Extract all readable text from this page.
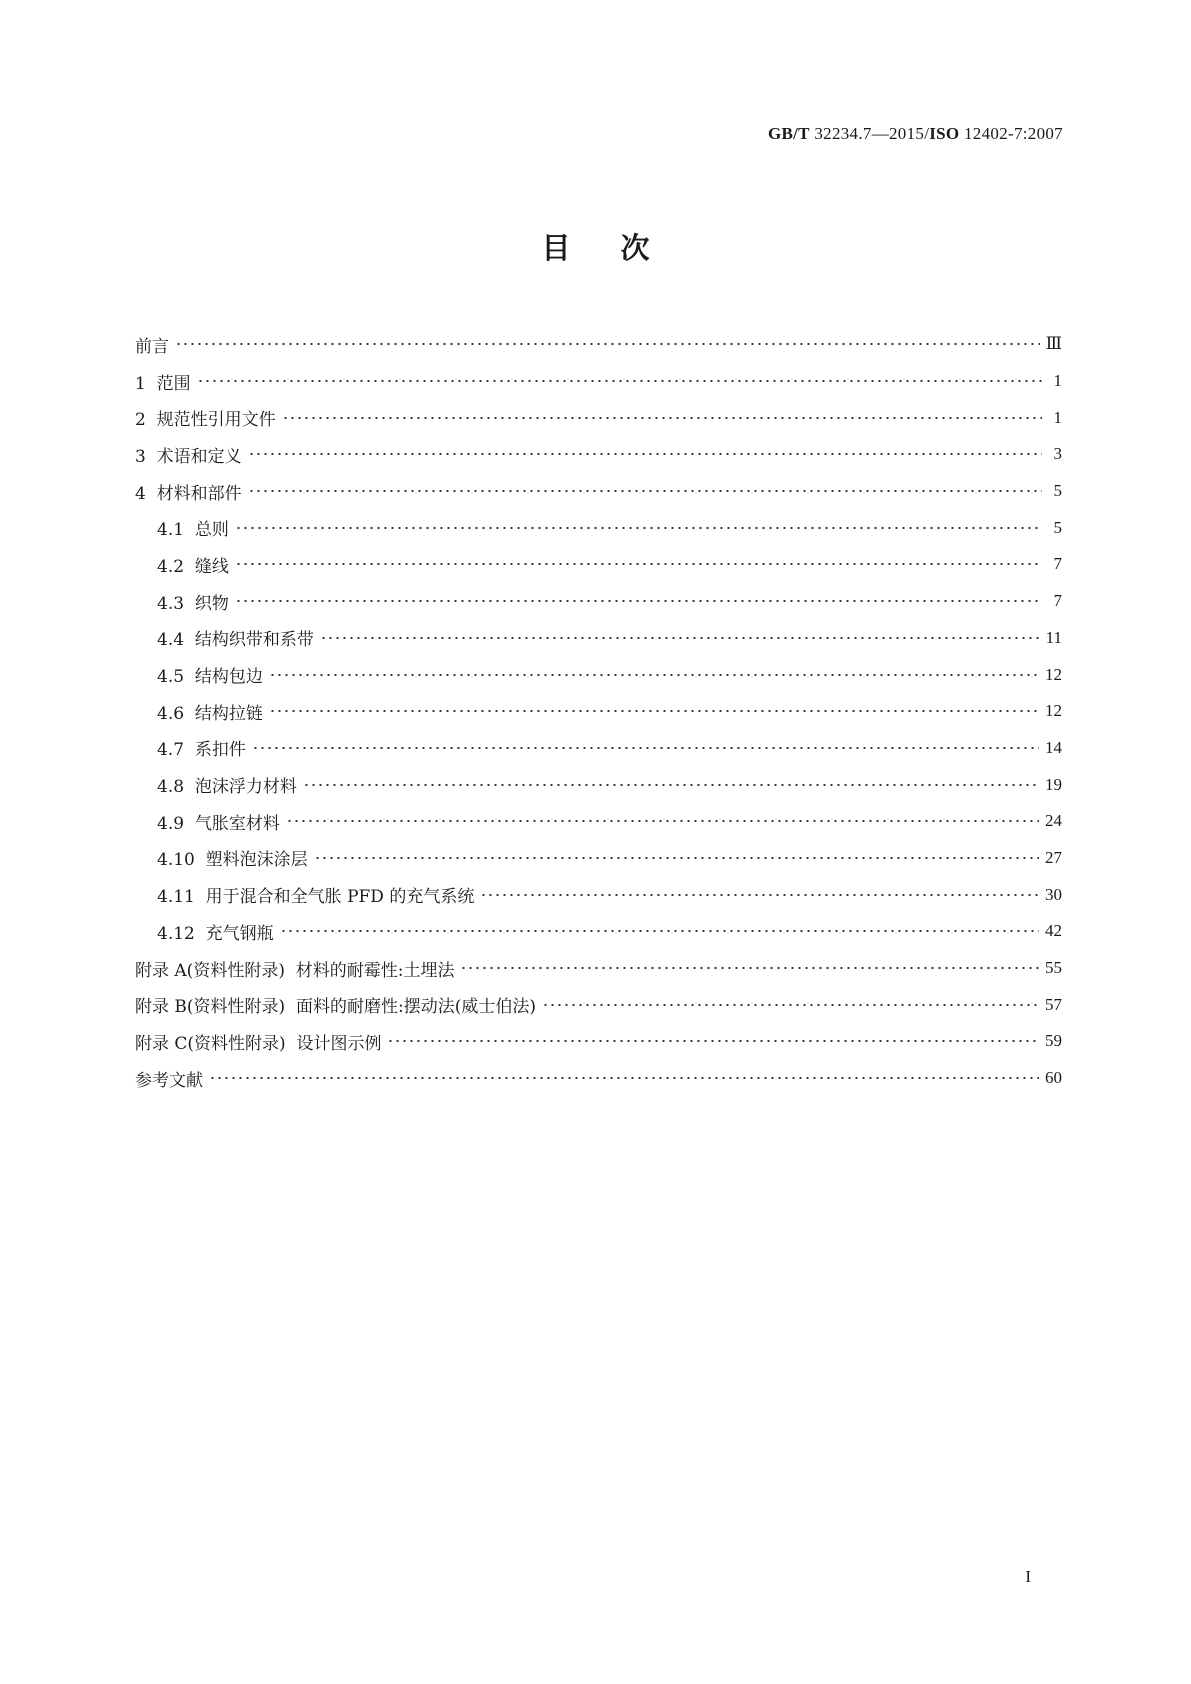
GB/T 32234.7—2015/ISO 12402-7:2007
目次
前言	Ⅲ
1  范围	1
2  规范性引用文件	1
3  术语和定义	3
4  材料和部件	5
4.1  总则	5
4.2  缝线	7
4.3  织物	7
4.4  结构织带和系带	11
4.5  结构包边	12
4.6  结构拉链	12
4.7  系扣件	14
4.8  泡沫浮力材料	19
4.9  气胀室材料	24
4.10  塑料泡沫涂层	27
4.11  用于混合和全气胀 PFD 的充气系统	30
4.12  充气钢瓶	42
附录 A(资料性附录)  材料的耐霉性:土埋法	55
附录 B(资料性附录)  面料的耐磨性:摆动法(威士伯法)	57
附录 C(资料性附录)  设计图示例	59
参考文献	60
I
